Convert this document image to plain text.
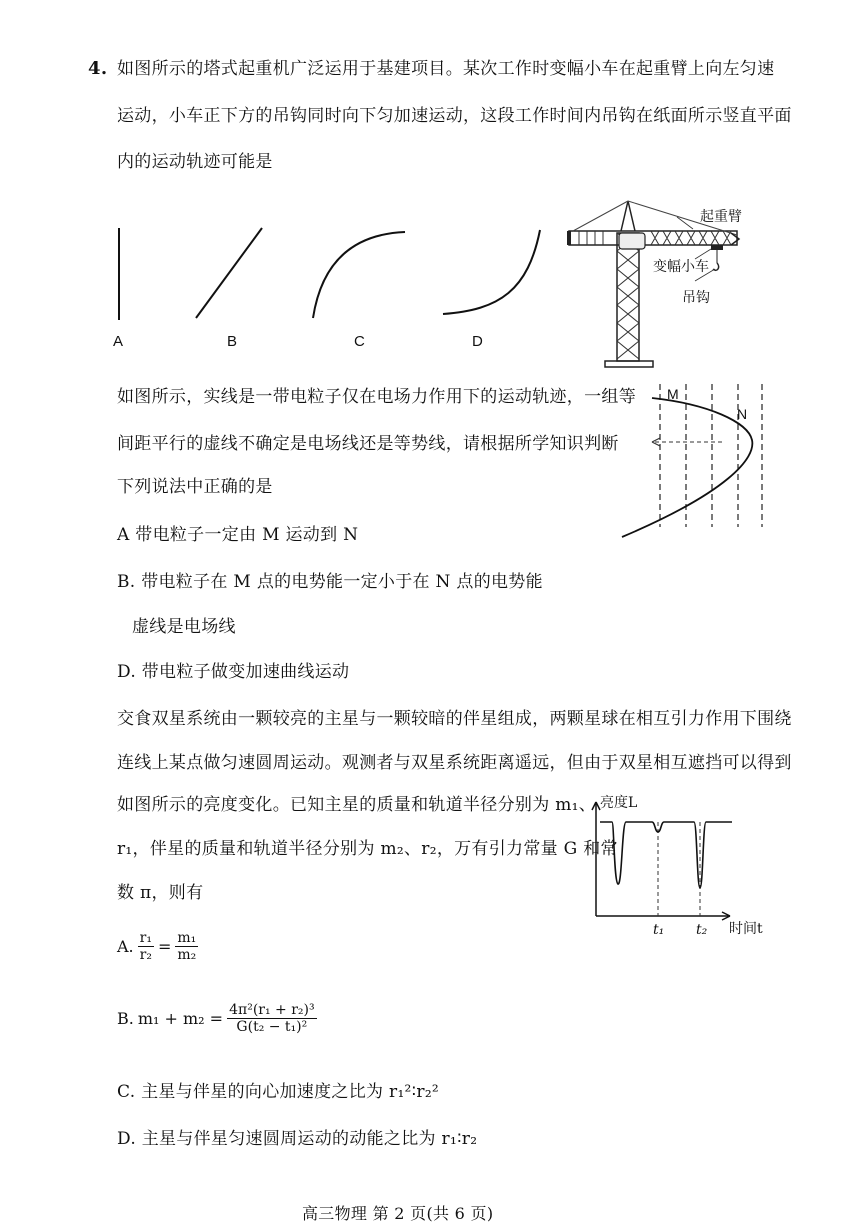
4. 如图所示的塔式起重机广泛运用于基建项目。某次工作时变幅小车在起重臂上向左匀速
运动，小车正下方的吊钩同时向下匀加速运动，这段工作时间内吊钩在纸面所示竖直平面
内的运动轨迹可能是
A	B	C	D
起重臂
变幅小车
吊钩
如图所示，实线是一带电粒子仅在电场力作用下的运动轨迹，一组等
间距平行的虚线不确定是电场线还是等势线，请根据所学知识判断
下列说法中正确的是
M
N
A 带电粒子一定由 M 运动到 N
B. 带电粒子在 M 点的电势能一定小于在 N 点的电势能
虚线是电场线
D. 带电粒子做变加速曲线运动
交食双星系统由一颗较亮的主星与一颗较暗的伴星组成，两颗星球在相互引力作用下围绕
连线上某点做匀速圆周运动。观测者与双星系统距离遥远，但由于双星相互遮挡可以得到
如图所示的亮度变化。已知主星的质量和轨道半径分别为 m₁、
r₁，伴星的质量和轨道半径分别为 m₂、r₂，万有引力常量 G 和常
数 π，则有
亮度L
时间t
t₁ t₂
A. $\frac{\text{r₁}}{\text{r₂}} = \frac{\text{m₁}}{\text{m₂}}$
B. $m_1 + m_2 = \frac{\text{4π²(r₁ + r₂)³}}{\text{G(t₂ − t₁)²}}$
C. 主星与伴星的向心加速度之比为 r₁²∶r₂²
D. 主星与伴星匀速圆周运动的动能之比为 r₁∶r₂
高三物理 第 2 页(共 6 页)
